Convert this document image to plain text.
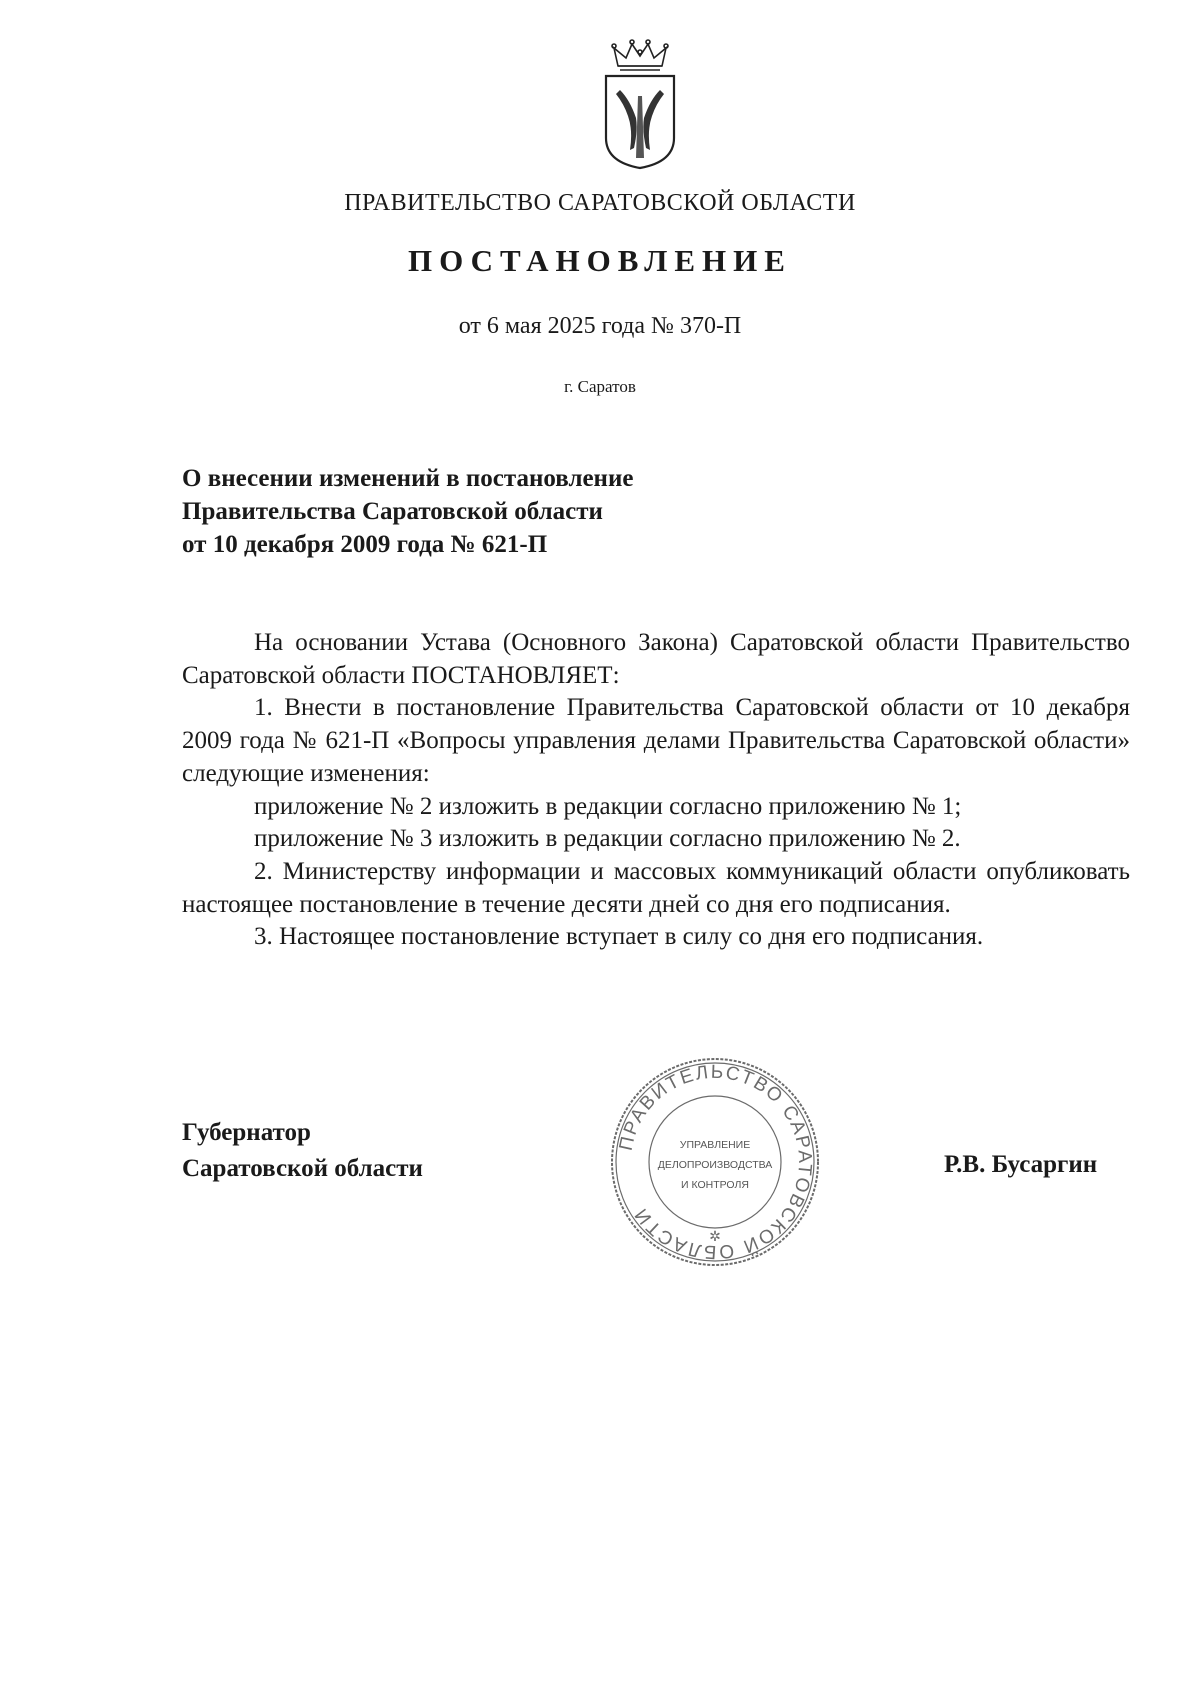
ПРАВИТЕЛЬСТВО САРАТОВСКОЙ ОБЛАСТИ
ПОСТАНОВЛЕНИЕ
от 6 мая 2025 года № 370-П
г. Саратов
О внесении изменений в постановление
Правительства Саратовской области
от 10 декабря 2009 года № 621-П

На основании Устава (Основного Закона) Саратовской области Правительство Саратовской области ПОСТАНОВЛЯЕТ:

1. Внести в постановление Правительства Саратовской области от 10 декабря 2009 года № 621-П «Вопросы управления делами Правительства Саратовской области» следующие изменения:

приложение № 2 изложить в редакции согласно приложению № 1;

приложение № 3 изложить в редакции согласно приложению № 2.

2. Министерству информации и массовых коммуникаций области опубликовать настоящее постановление в течение десяти дней со дня его подписания.

3. Настоящее постановление вступает в силу со дня его подписания.

Губернатор
Саратовской области	Р.В. Бусаргин
ПРАВИТЕЛЬСТВО САРАТОВСКОЙ ОБЛАСТИ
УПРАВЛЕНИЕ
ДЕЛОПРОИЗВОДСТВА
И КОНТРОЛЯ
✲
